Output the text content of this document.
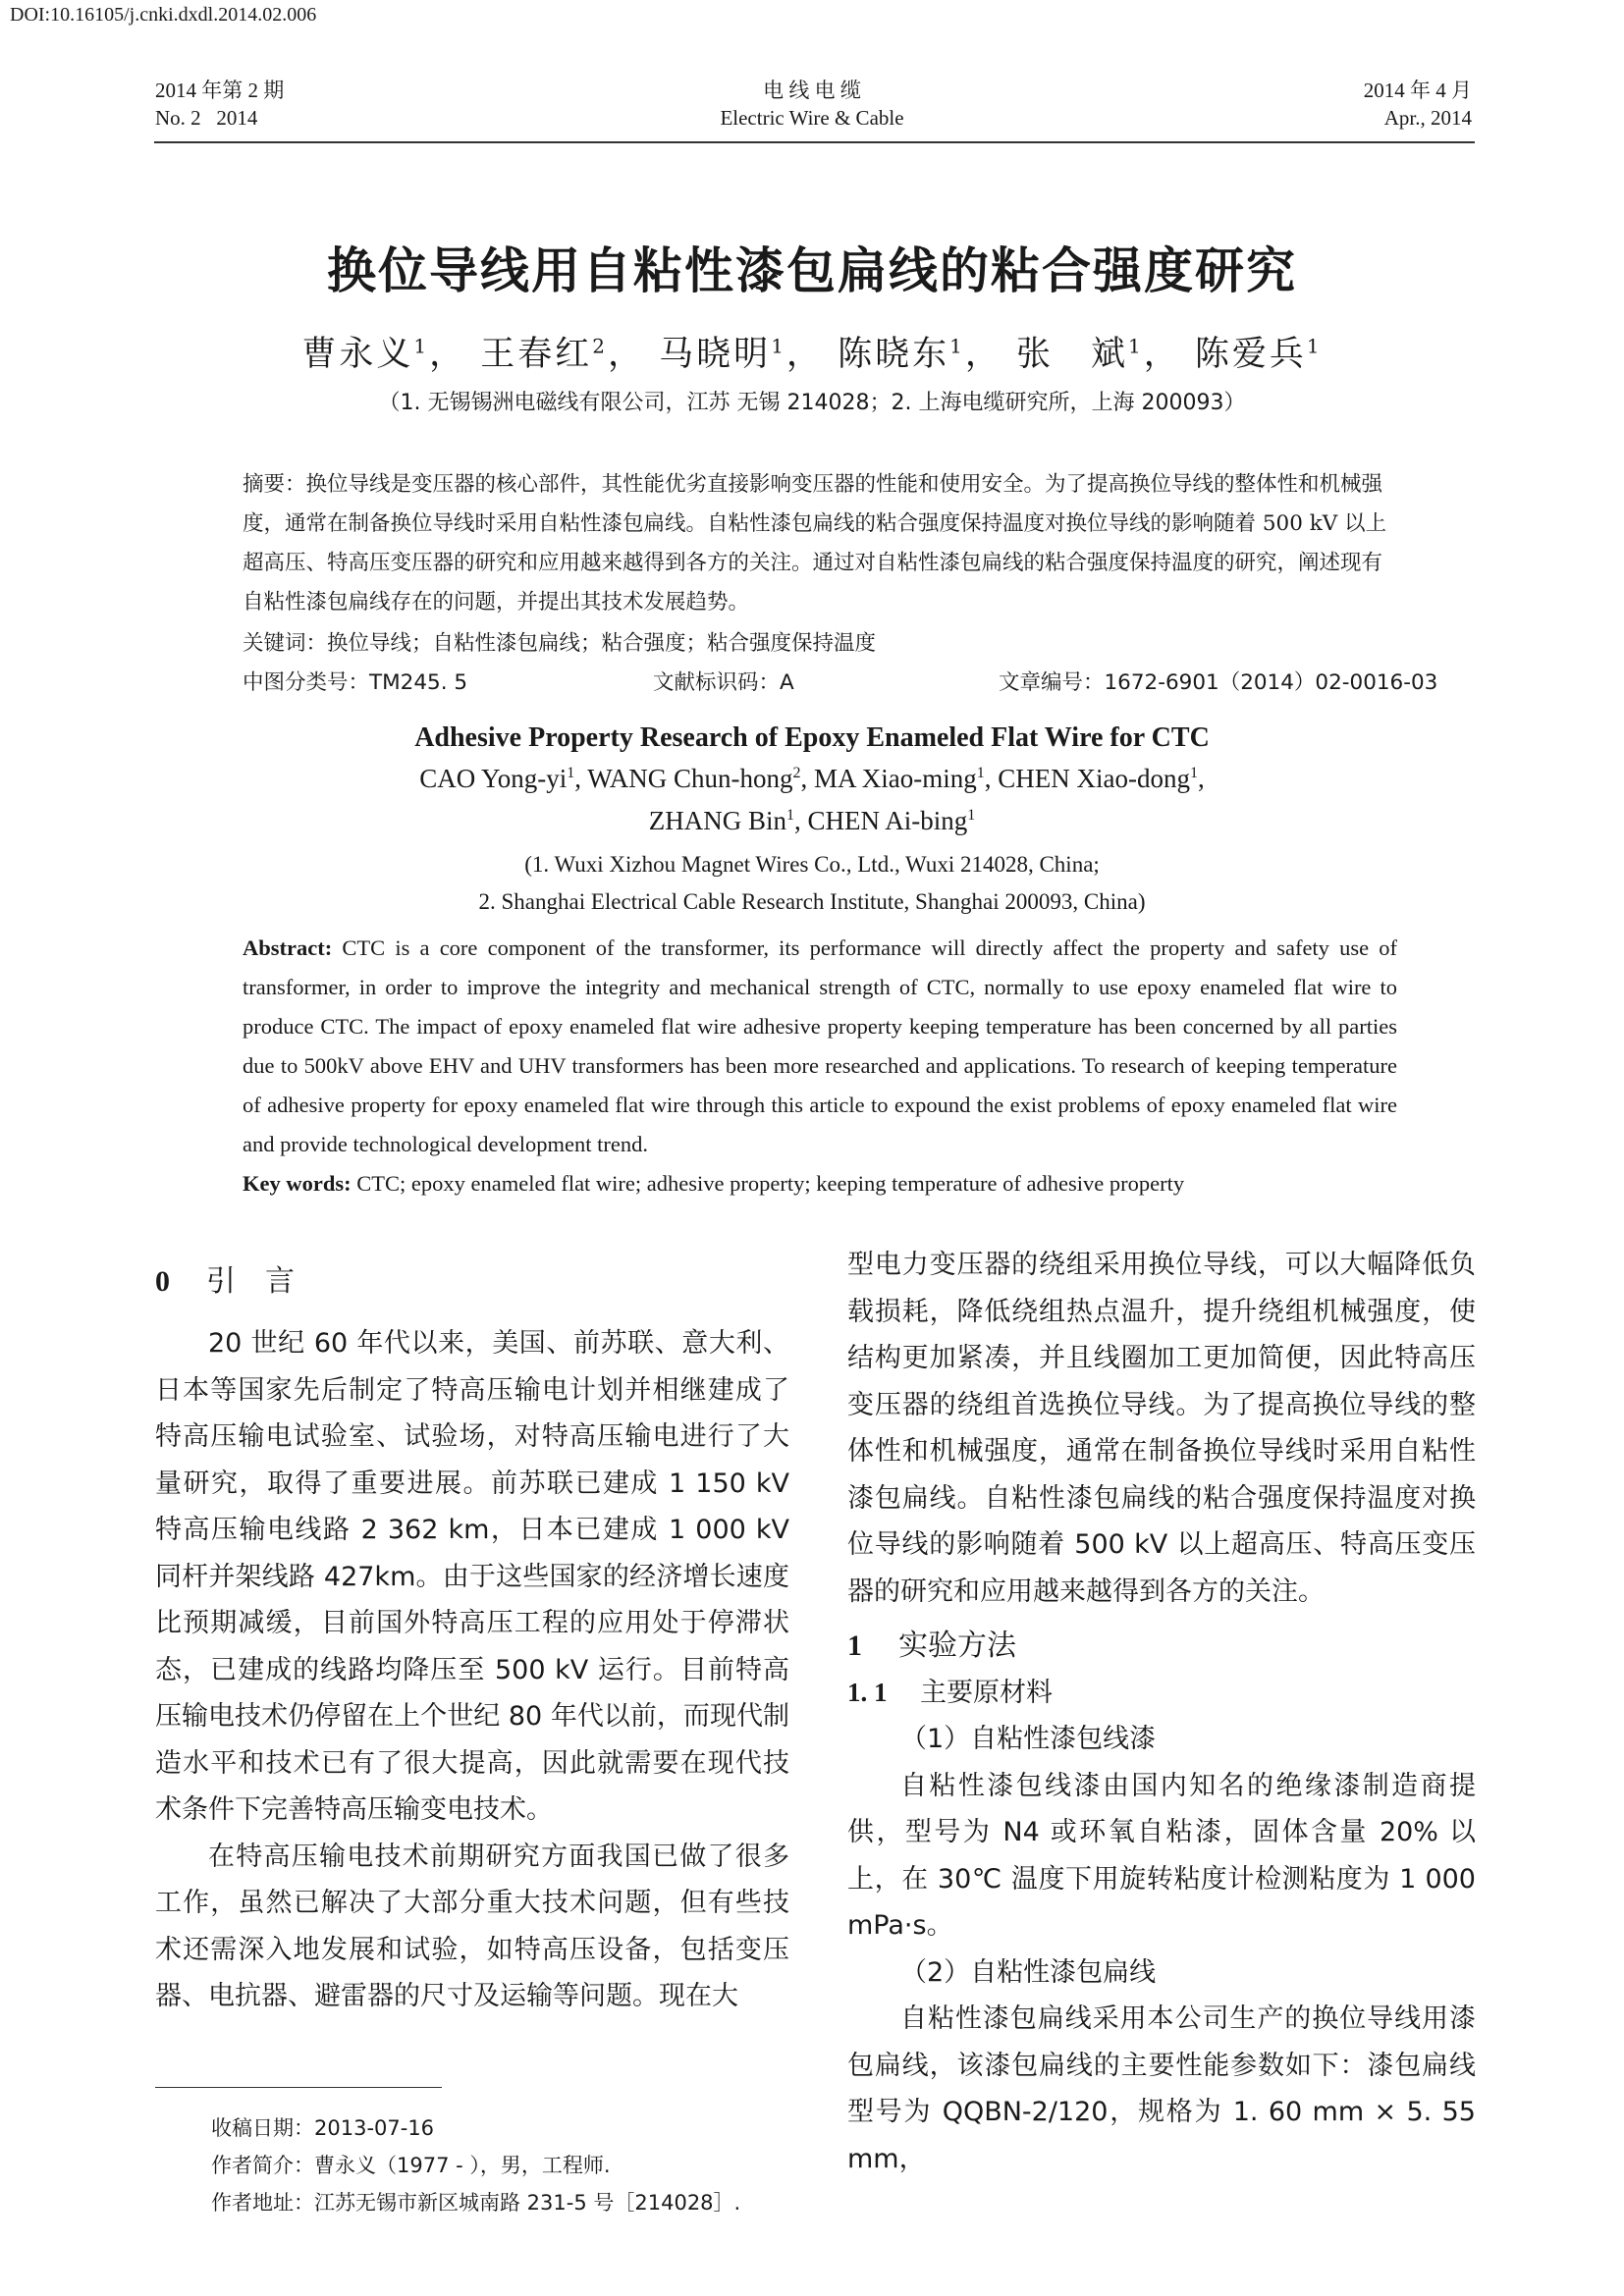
DOI:10.16105/j.cnki.dxdl.2014.02.006
2014 年第 2 期
No. 2   2014
电 线 电 缆
Electric Wire & Cable
2014 年 4 月
Apr., 2014
换位导线用自粘性漆包扁线的粘合强度研究
曹永义$^1$， 王春红$^2$， 马晓明$^1$， 陈晓东$^1$， 张　斌$^1$， 陈爱兵$^1$
（1. 无锡锡洲电磁线有限公司，江苏 无锡 214028；2. 上海电缆研究所，上海 200093）
摘要：换位导线是变压器的核心部件，其性能优劣直接影响变压器的性能和使用安全。为了提高换位导线的整体性和机械强度，通常在制备换位导线时采用自粘性漆包扁线。自粘性漆包扁线的粘合强度保持温度对换位导线的影响随着 500 kV 以上超高压、特高压变压器的研究和应用越来越得到各方的关注。通过对自粘性漆包扁线的粘合强度保持温度的研究，阐述现有自粘性漆包扁线存在的问题，并提出其技术发展趋势。
关键词：换位导线；自粘性漆包扁线；粘合强度；粘合强度保持温度
中图分类号：TM245. 5	文献标识码：A	文章编号：1672-6901（2014）02-0016-03
Adhesive Property Research of Epoxy Enameled Flat Wire for CTC
CAO Yong-$yi^1$, WANG Chun-hong$^2$, MA Xiao-ming$^1$, CHEN Xiao-dong$^1$,
ZHANG Bin$^1$, CHEN Ai-bing$^1$
(1. Wuxi Xizhou Magnet Wires Co., Ltd., Wuxi 214028, China;
2. Shanghai Electrical Cable Research Institute, Shanghai 200093, China)
Abstract: CTC is a core component of the transformer, its performance will directly affect the property and safety use of transformer, in order to improve the integrity and mechanical strength of CTC, normally to use epoxy enameled flat wire to produce CTC. The impact of epoxy enameled flat wire adhesive property keeping temperature has been concerned by all parties due to 500kV above EHV and UHV transformers has been more researched and applications. To research of keeping temperature of adhesive property for epoxy enameled flat wire through this article to expound the exist problems of epoxy enameled flat wire and provide technological development trend.
Key words: CTC; epoxy enameled flat wire; adhesive property; keeping temperature of adhesive property
0 引　言

20 世纪 60 年代以来，美国、前苏联、意大利、日本等国家先后制定了特高压输电计划并相继建成了特高压输电试验室、试验场，对特高压输电进行了大量研究，取得了重要进展。前苏联已建成 1 150 kV 特高压输电线路 2 362 km，日本已建成 1 000 kV 同杆并架线路 427km。由于这些国家的经济增长速度比预期减缓，目前国外特高压工程的应用处于停滞状态，已建成的线路均降压至 500 kV 运行。目前特高压输电技术仍停留在上个世纪 80 年代以前，而现代制造水平和技术已有了很大提高，因此就需要在现代技术条件下完善特高压输变电技术。

在特高压输电技术前期研究方面我国已做了很多工作，虽然已解决了大部分重大技术问题，但有些技术还需深入地发展和试验，如特高压设备，包括变压器、电抗器、避雷器的尺寸及运输等问题。现在大

型电力变压器的绕组采用换位导线，可以大幅降低负载损耗，降低绕组热点温升，提升绕组机械强度，使结构更加紧凑，并且线圈加工更加简便，因此特高压变压器的绕组首选换位导线。为了提高换位导线的整体性和机械强度，通常在制备换位导线时采用自粘性漆包扁线。自粘性漆包扁线的粘合强度保持温度对换位导线的影响随着 500 kV 以上超高压、特高压变压器的研究和应用越来越得到各方的关注。

1 实验方法

1. 1 主要原材料

（1）自粘性漆包线漆

自粘性漆包线漆由国内知名的绝缘漆制造商提供，型号为 N4 或环氧自粘漆，固体含量 20% 以上，在 30℃ 温度下用旋转粘度计检测粘度为 1 000 mPa·s。

（2）自粘性漆包扁线

自粘性漆包扁线采用本公司生产的换位导线用漆包扁线，该漆包扁线的主要性能参数如下：漆包扁线型号为 QQBN-2/120，规格为 1. 60 mm × 5. 55 mm，

收稿日期：2013-07-16
作者简介：曹永义（1977 - ），男，工程师.
作者地址：江苏无锡市新区城南路 231-5 号［214028］.
